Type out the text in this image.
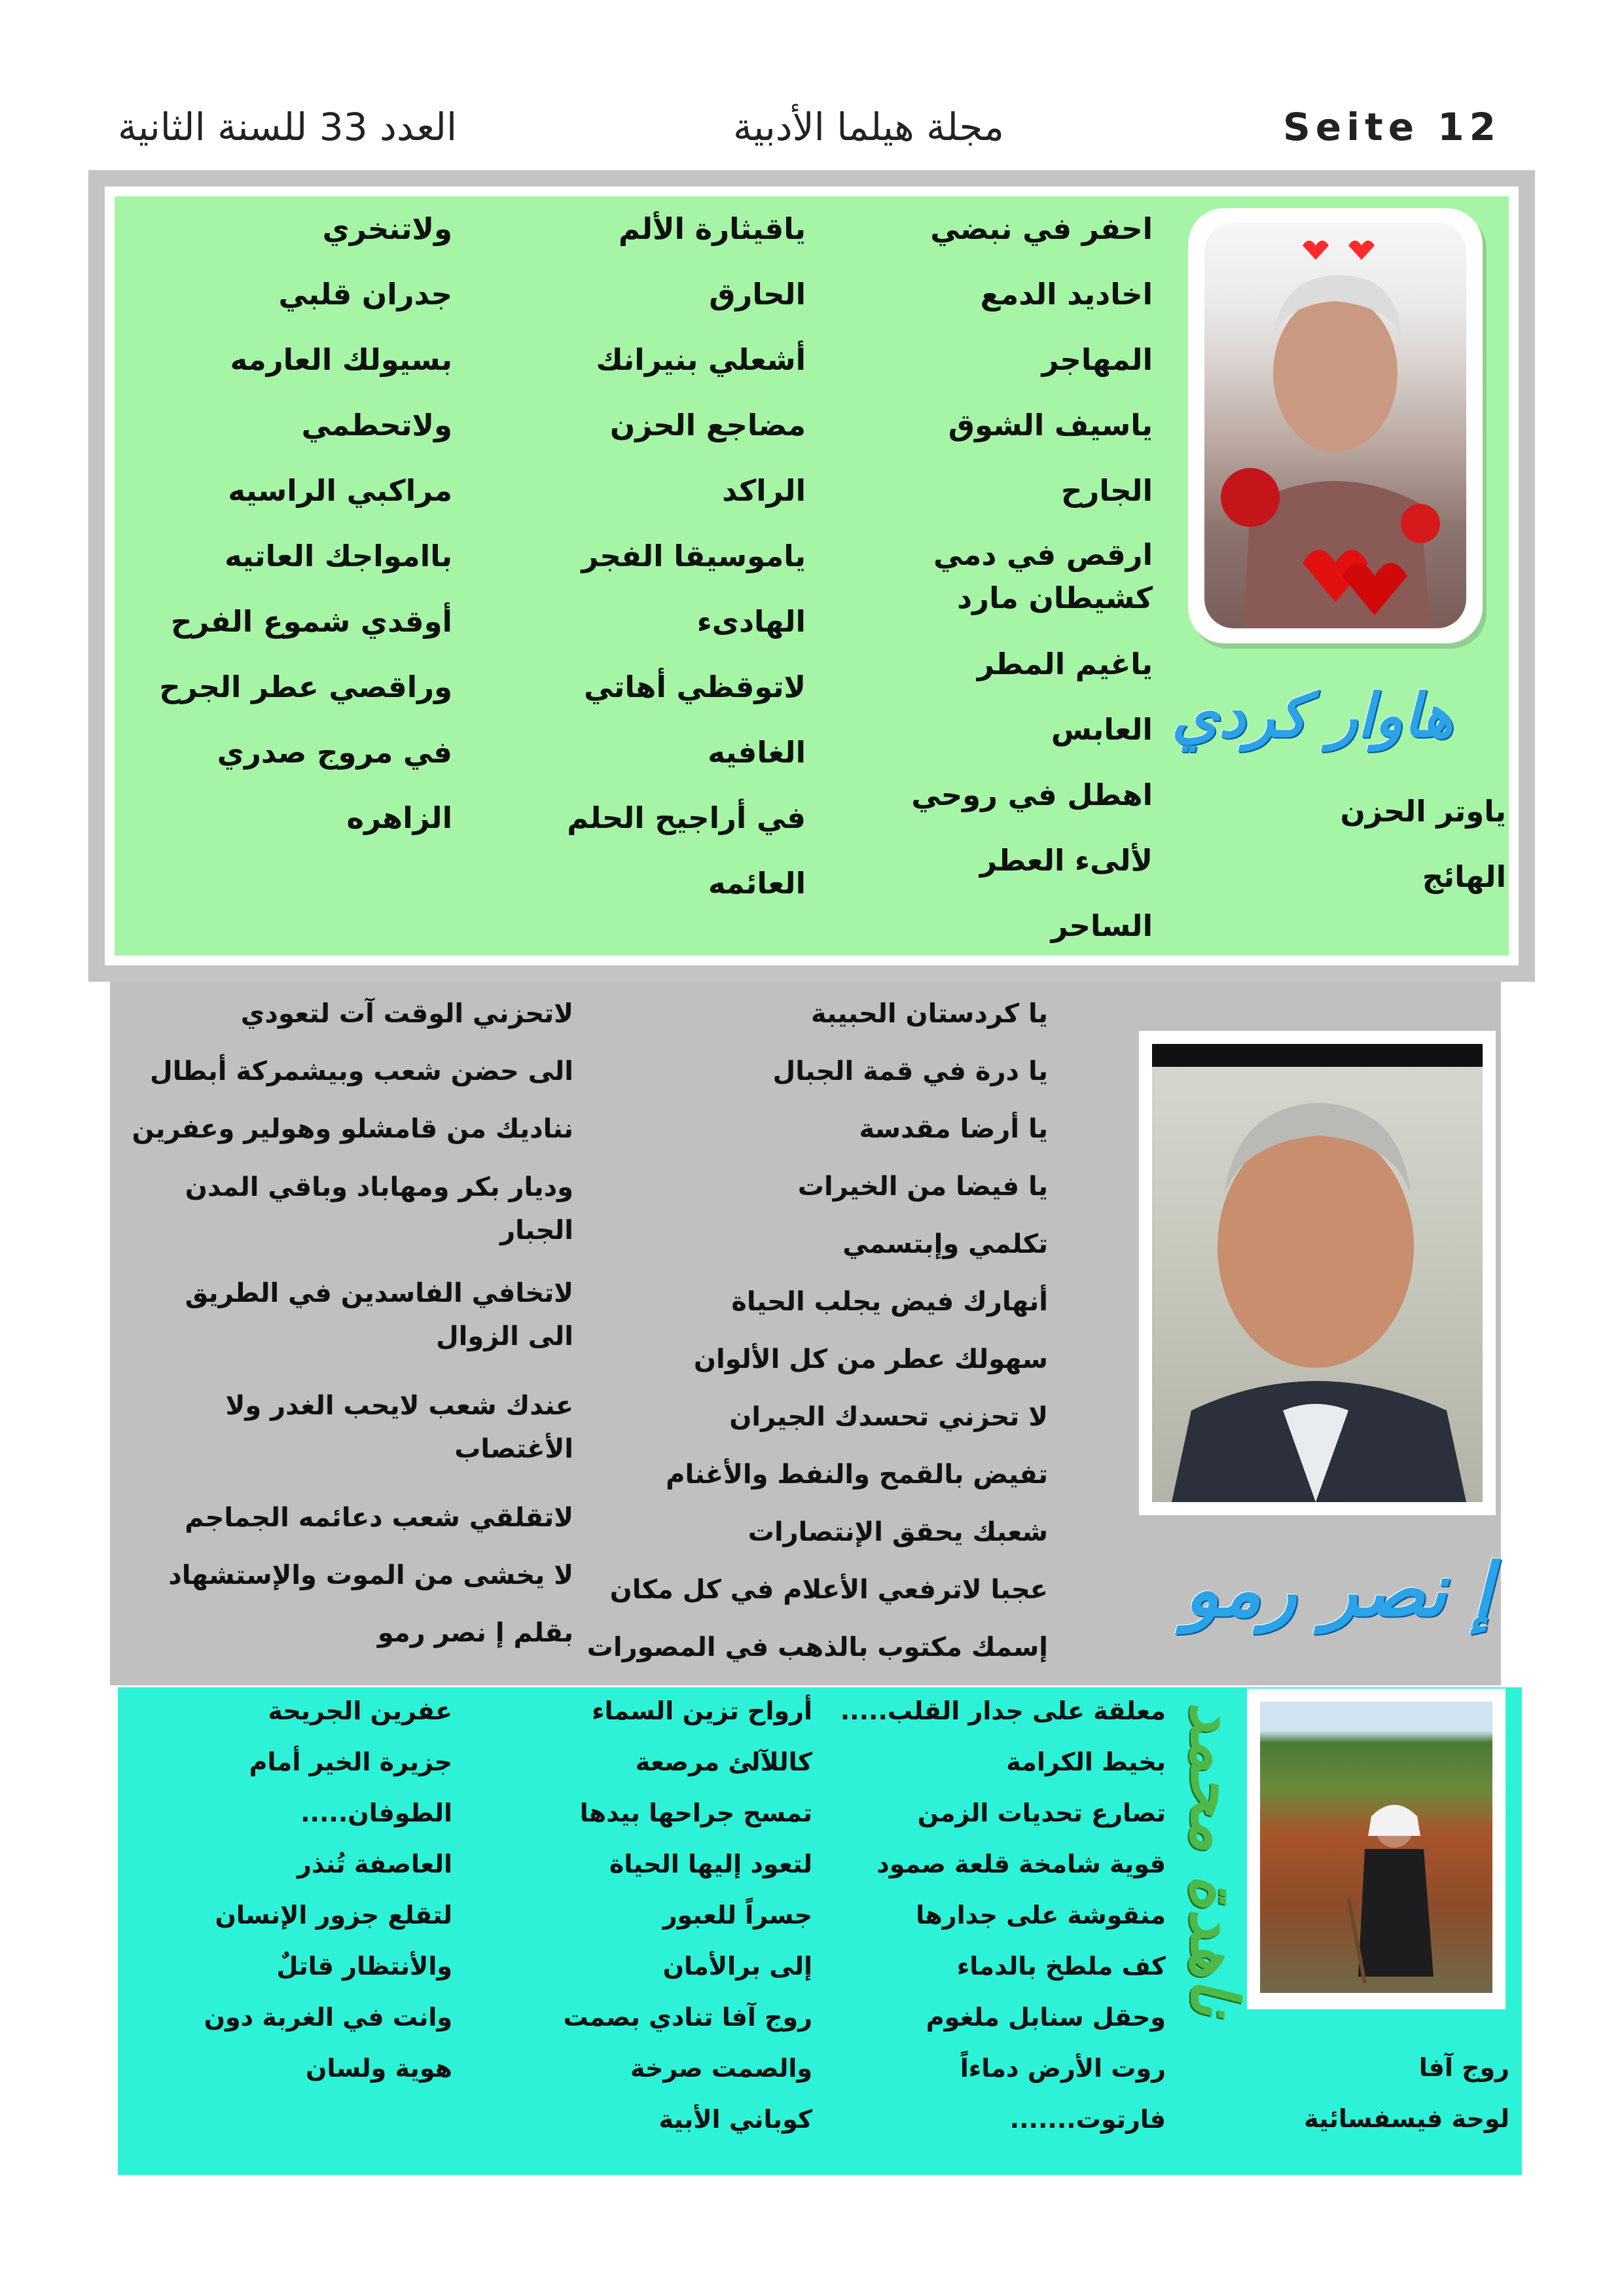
Seite 12
مجلة هيلما الأدبية
العدد 33 للسنة الثانية
هاوار كردي
ياوتر الحزن
الهائج
احفر في نبضي
اخاديد الدمع
المهاجر
ياسيف الشوق
الجارح
ارقص في دمي كشيطان مارد
ياغيم المطر
العابس
اهطل في روحي
لألىء العطر
الساحر
ياقيثارة الألم
الحارق
أشعلي بنيرانك
مضاجع الحزن
الراكد
ياموسيقا الفجر
الهادىء
لاتوقظي أهاتي
الغافيه
في أراجيح الحلم
العائمه
ولاتنخري
جدران قلبي
بسيولك العارمه
ولاتحطمي
مراكبي الراسيه
باامواجك العاتيه
أوقدي شموع الفرح
وراقصي عطر الجرح
في مروج صدري
الزاهره
إ نصر رمو
يا كردستان الحبيبة
يا درة في قمة الجبال
يا أرضا مقدسة
يا فيضا من الخيرات
تكلمي وإبتسمي
أنهارك فيض يجلب الحياة
سهولك عطر من كل الألوان
لا تحزني تحسدك الجيران
تفيض بالقمح والنفط والأغنام
شعبك يحقق الإنتصارات
عجبا لاترفعي الأعلام في كل مكان
إسمك مكتوب بالذهب في المصورات
لاتحزني الوقت آت لتعودي
الى حضن شعب وبيشمركة أبطال
نناديك من قامشلو وهولير وعفرين
وديار بكر ومهاباد وباقي المدن الجبار
لاتخافي الفاسدين في الطريق الى الزوال
عندك شعب لايحب الغدر ولا الأغتصاب
لاتقلقي شعب دعائمه الجماجم
لا يخشى من الموت والإستشهاد
بقلم إ نصر رمو
ناهدة محمد
روج آفا
لوحة فيسفسائية
معلقة على جدار القلب.....
بخيط الكرامة
تصارع تحديات الزمن
قوية شامخة قلعة صمود
منقوشة على جدارها
كف ملطخ بالدماء
وحقل سنابل ملغوم
روت الأرض دماءاً
فارتوت.......
أرواح تزين السماء
كاللآلئ مرصعة
تمسح جراحها بيدها
لتعود إليها الحياة
جسراً للعبور
إلى برالأمان
روج آفا تنادي بصمت
والصمت صرخة
كوباني الأبية
عفرين الجريحة
جزيرة الخير أمام
الطوفان.....
العاصفة تُنذر
لتقلع جزور الإنسان
والأنتظار قاتلٌ
وانت في الغربة دون
هوية ولسان
